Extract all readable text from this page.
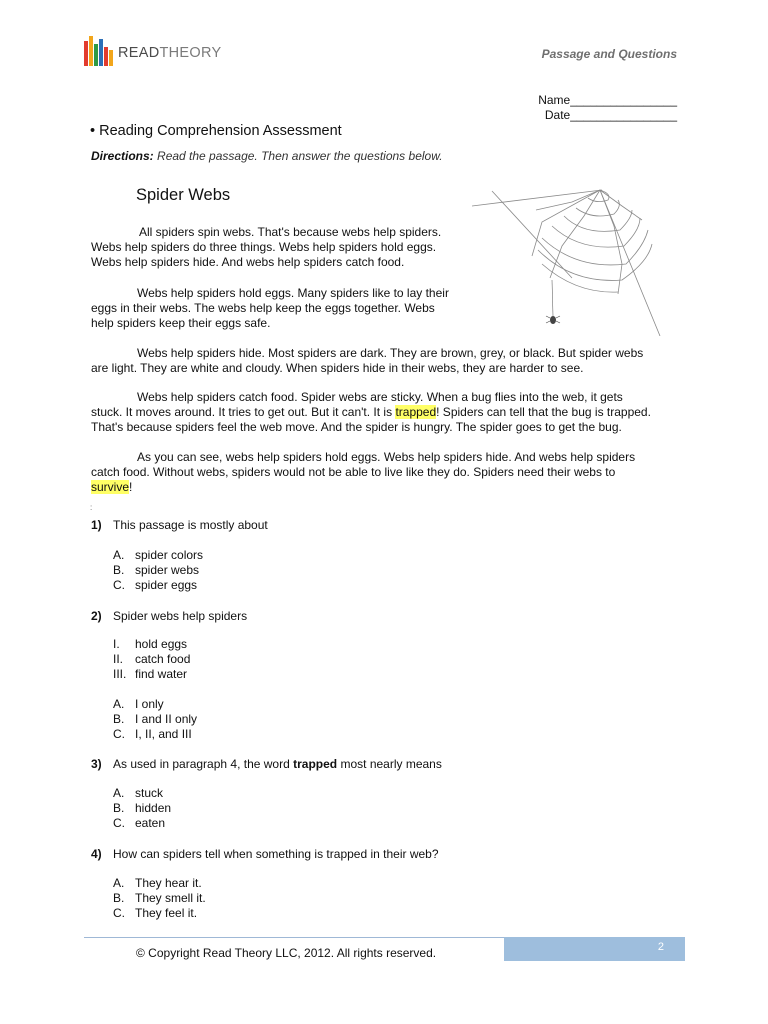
READTHEORY	Passage and Questions
Name________________
Date________________
• Reading Comprehension Assessment
Directions: Read the passage. Then answer the questions below.
Spider Webs
All spiders spin webs. That's because webs help spiders.
Webs help spiders do three things. Webs help spiders hold eggs.
Webs help spiders hide. And webs help spiders catch food.
Webs help spiders hold eggs. Many spiders like to lay their
eggs in their webs. The webs help keep the eggs together. Webs
help spiders keep their eggs safe.
Webs help spiders hide. Most spiders are dark. They are brown, grey, or black. But spider webs
are light. They are white and cloudy. When spiders hide in their webs, they are harder to see.
Webs help spiders catch food. Spider webs are sticky. When a bug flies into the web, it gets
stuck. It moves around. It tries to get out. But it can't. It is trapped! Spiders can tell that the bug is trapped.
That's because spiders feel the web move. And the spider is hungry. The spider goes to get the bug.
As you can see, webs help spiders hold eggs. Webs help spiders hide. And webs help spiders
catch food. Without webs, spiders would not be able to live like they do. Spiders need their webs to
survive!
:
1) This passage is mostly about
A. spider colors
B. spider webs
C. spider eggs
2) Spider webs help spiders
I. hold eggs
II. catch food
III. find water
A. I only
B. I and II only
C. I, II, and III
3) As used in paragraph 4, the word trapped most nearly means
A. stuck
B. hidden
C. eaten
4) How can spiders tell when something is trapped in their web?
A. They hear it.
B. They smell it.
C. They feel it.
2
© Copyright Read Theory LLC, 2012. All rights reserved.
